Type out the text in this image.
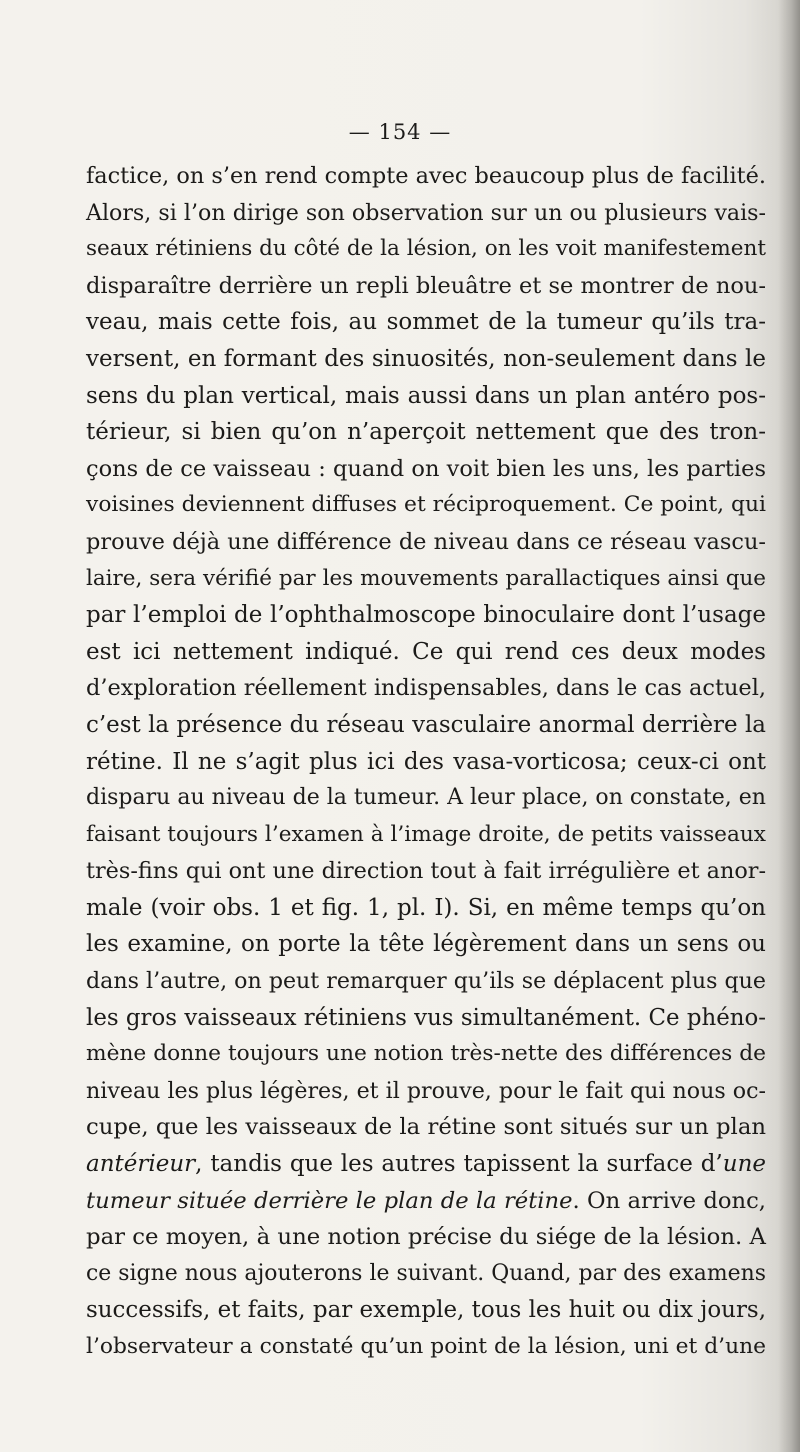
— 154 —
factice, on s’en rend compte avec beaucoup plus de facilité.
Alors, si l’on dirige son observation sur un ou plusieurs vais-
seaux rétiniens du côté de la lésion, on les voit manifestement
disparaître derrière un repli bleuâtre et se montrer de nou-
veau, mais cette fois, au sommet de la tumeur qu’ils tra-
versent, en formant des sinuosités, non-seulement dans le
sens du plan vertical, mais aussi dans un plan antéro pos-
térieur, si bien qu’on n’aperçoit nettement que des tron-
çons de ce vaisseau : quand on voit bien les uns, les parties
voisines deviennent diffuses et réciproquement. Ce point, qui
prouve déjà une différence de niveau dans ce réseau vascu-
laire, sera vérifié par les mouvements parallactiques ainsi que
par l’emploi de l’ophthalmoscope binoculaire dont l’usage
est ici nettement indiqué. Ce qui rend ces deux modes
d’exploration réellement indispensables, dans le cas actuel,
c’est la présence du réseau vasculaire anormal derrière la
rétine. Il ne s’agit plus ici des vasa-vorticosa; ceux-ci ont
disparu au niveau de la tumeur. A leur place, on constate, en
faisant toujours l’examen à l’image droite, de petits vaisseaux
très-fins qui ont une direction tout à fait irrégulière et anor-
male (voir obs. 1 et fig. 1, pl. I). Si, en même temps qu’on
les examine, on porte la tête légèrement dans un sens ou
dans l’autre, on peut remarquer qu’ils se déplacent plus que
les gros vaisseaux rétiniens vus simultanément. Ce phéno-
mène donne toujours une notion très-nette des différences de
niveau les plus légères, et il prouve, pour le fait qui nous oc-
cupe, que les vaisseaux de la rétine sont situés sur un plan
antérieur, tandis que les autres tapissent la surface d’une
tumeur située derrière le plan de la rétine. On arrive donc,
par ce moyen, à une notion précise du siége de la lésion. A
ce signe nous ajouterons le suivant. Quand, par des examens
successifs, et faits, par exemple, tous les huit ou dix jours,
l’observateur a constaté qu’un point de la lésion, uni et d’une
